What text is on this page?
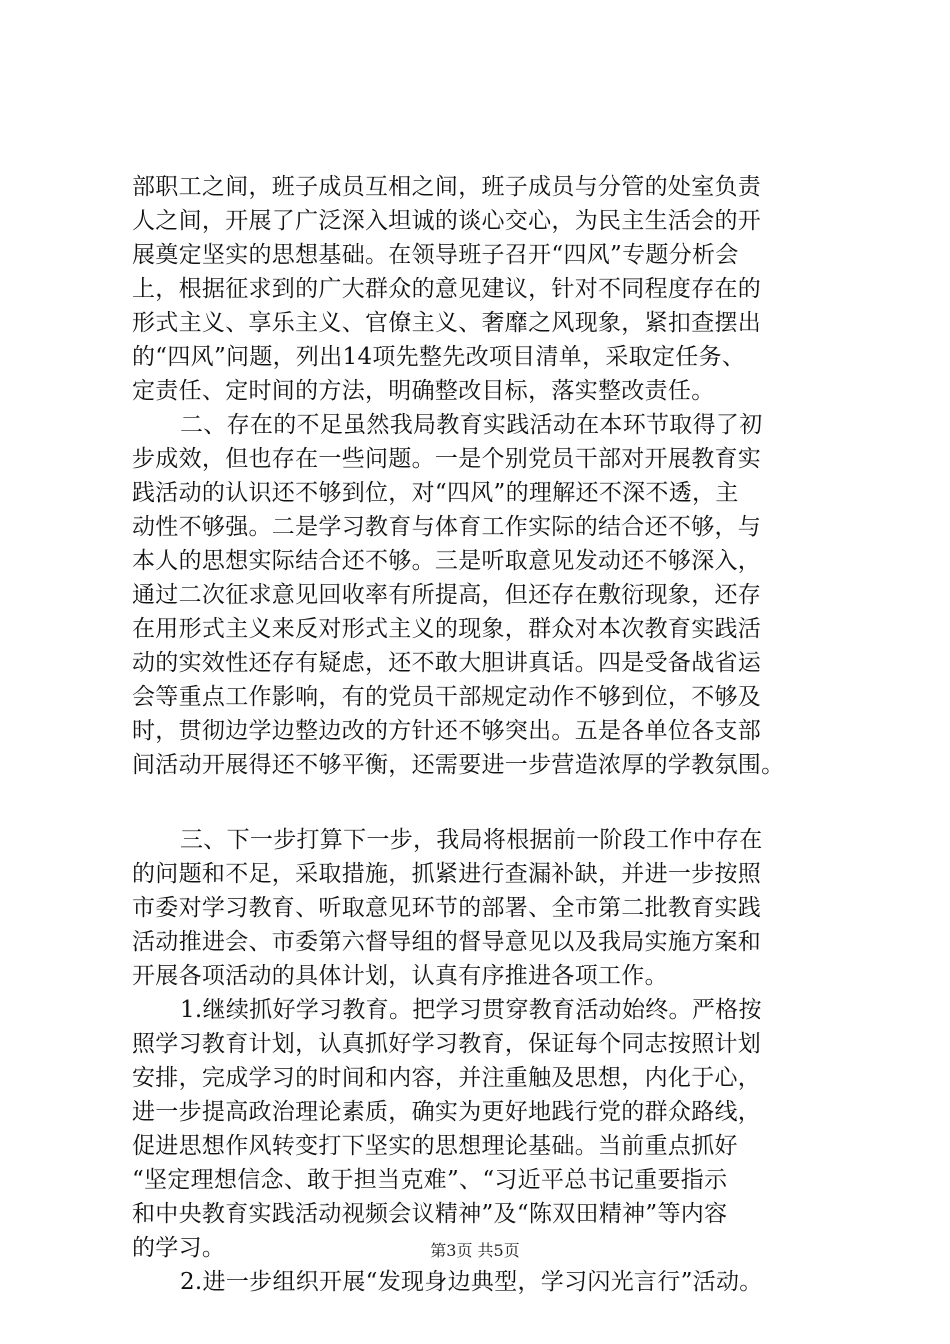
部职工之间，班子成员互相之间，班子成员与分管的处室负责
人之间，开展了广泛深入坦诚的谈心交心，为民主生活会的开
展奠定坚实的思想基础。在领导班子召开“四风”专题分析会
上，根据征求到的广大群众的意见建议，针对不同程度存在的
形式主义、享乐主义、官僚主义、奢靡之风现象，紧扣查摆出
的“四风”问题，列出14项先整先改项目清单，采取定任务、
定责任、定时间的方法，明确整改目标，落实整改责任。
二、存在的不足虽然我局教育实践活动在本环节取得了初
步成效，但也存在一些问题。一是个别党员干部对开展教育实
践活动的认识还不够到位，对“四风”的理解还不深不透，主
动性不够强。二是学习教育与体育工作实际的结合还不够，与
本人的思想实际结合还不够。三是听取意见发动还不够深入，
通过二次征求意见回收率有所提高，但还存在敷衍现象，还存
在用形式主义来反对形式主义的现象，群众对本次教育实践活
动的实效性还存有疑虑，还不敢大胆讲真话。四是受备战省运
会等重点工作影响，有的党员干部规定动作不够到位，不够及
时，贯彻边学边整边改的方针还不够突出。五是各单位各支部
间活动开展得还不够平衡，还需要进一步营造浓厚的学教氛围。
三、下一步打算下一步，我局将根据前一阶段工作中存在
的问题和不足，采取措施，抓紧进行查漏补缺，并进一步按照
市委对学习教育、听取意见环节的部署、全市第二批教育实践
活动推进会、市委第六督导组的督导意见以及我局实施方案和
开展各项活动的具体计划，认真有序推进各项工作。
1.继续抓好学习教育。把学习贯穿教育活动始终。严格按
照学习教育计划，认真抓好学习教育，保证每个同志按照计划
安排，完成学习的时间和内容，并注重触及思想，内化于心，
进一步提高政治理论素质，确实为更好地践行党的群众路线，
促进思想作风转变打下坚实的思想理论基础。当前重点抓好
“坚定理想信念、敢于担当克难”、“习近平总书记重要指示
和中央教育实践活动视频会议精神”及“陈双田精神”等内容
的学习。
2.进一步组织开展“发现身边典型，学习闪光言行”活动。
第3页 共5页
